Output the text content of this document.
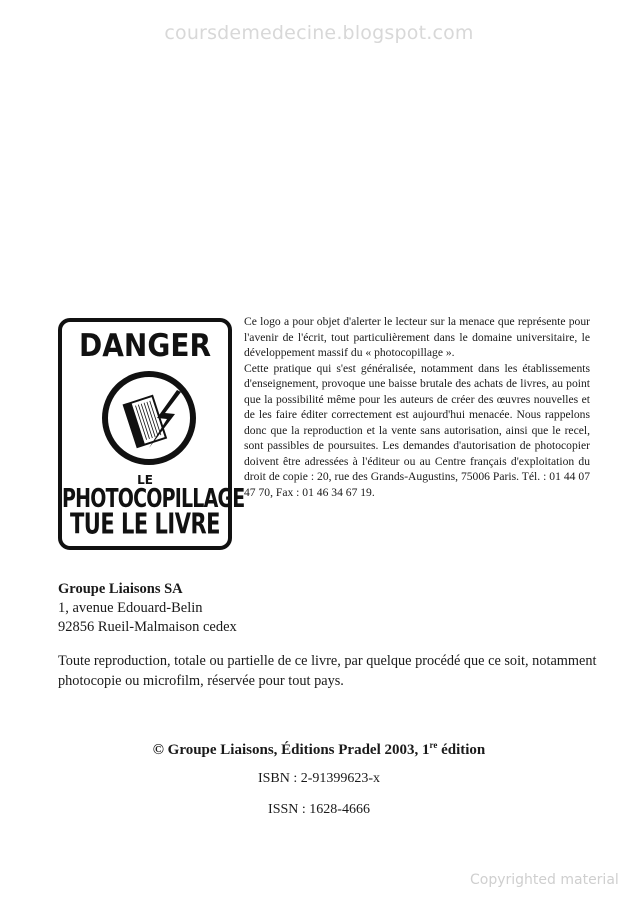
coursdemedecine.blogspot.com
DANGER
LE
PHOTOCOPILLAGE
TUE LE LIVRE

Ce logo a pour objet d'alerter le lecteur sur la menace que représente pour l'avenir de l'écrit, tout particulièrement dans le domaine universitaire, le développement massif du « photocopillage ».

Cette pratique qui s'est généralisée, notamment dans les établissements d'enseignement, provoque une baisse brutale des achats de livres, au point que la possibilité même pour les auteurs de créer des œuvres nouvelles et de les faire éditer correctement est aujourd'hui menacée. Nous rappelons donc que la reproduction et la vente sans autorisation, ainsi que le recel, sont passibles de poursuites. Les demandes d'autorisation de photocopier doivent être adressées à l'éditeur ou au Centre français d'exploitation du droit de copie : 20, rue des Grands-Augustins, 75006 Paris. Tél. : 01 44 07 47 70, Fax : 01 46 34 67 19.

Groupe Liaisons SA
1, avenue Edouard-Belin
92856 Rueil-Malmaison cedex

Toute reproduction, totale ou partielle de ce livre, par quelque procédé que ce soit, notamment photocopie ou microfilm, réservée pour tout pays.

© Groupe Liaisons, Éditions Pradel 2003, 1re édition
ISBN : 2-91399623-x
ISSN : 1628-4666
Copyrighted material
